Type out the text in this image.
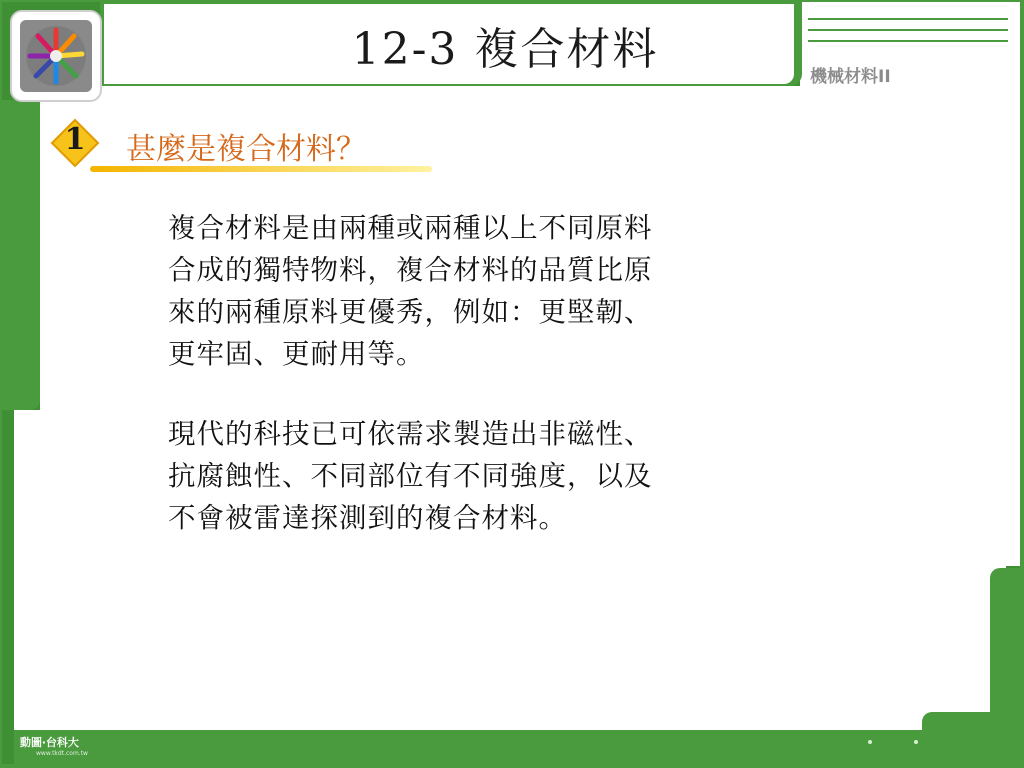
12-3 複合材料
機械材料II
1	甚麼是複合材料？
複合材料是由兩種或兩種以上不同原料
合成的獨特物料，複合材料的品質比原
來的兩種原料更優秀，例如：更堅韌、
更牢固、更耐用等。
現代的科技已可依需求製造出非磁性、
抗腐蝕性、不同部位有不同強度，以及
不會被雷達探測到的複合材料。
動圖‧台科大
www.tkdt.com.tw
